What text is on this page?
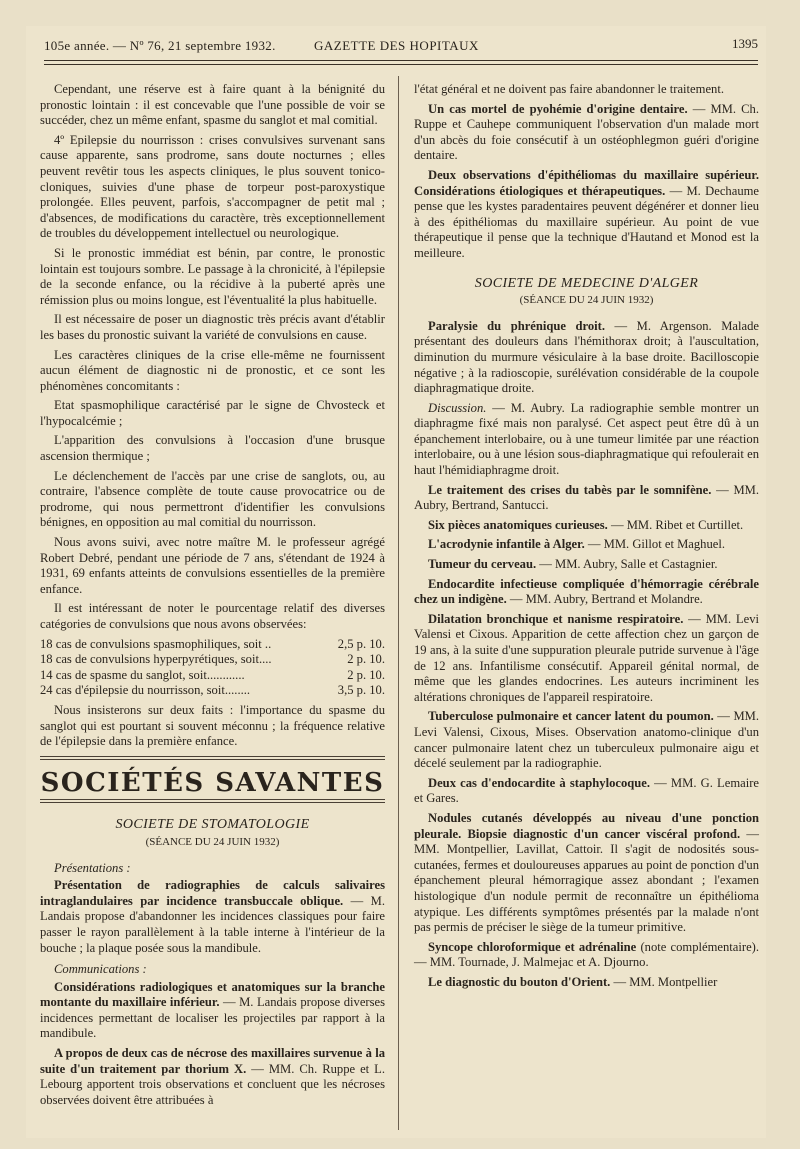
105e année. — Nº 76, 21 septembre 1932.	GAZETTE DES HOPITAUX	1395

Cependant, une réserve est à faire quant à la bénignité du pronostic lointain : il est concevable que l'une possible de voir se succéder, chez un même enfant, spasme du sanglot et mal comitial.

4º Epilepsie du nourrisson : crises convulsives survenant sans cause apparente, sans prodrome, sans doute nocturnes ; elles peuvent revêtir tous les aspects cliniques, le plus souvent tonico-cloniques, suivies d'une phase de torpeur post-paroxystique prolongée. Elles peuvent, parfois, s'accompagner de petit mal ; d'absences, de modifications du caractère, très exceptionnellement de troubles du développement intellectuel ou neurologique.

Si le pronostic immédiat est bénin, par contre, le pronostic lointain est toujours sombre. Le passage à la chronicité, à l'épilepsie de la seconde enfance, ou la récidive à la puberté après une rémission plus ou moins longue, est l'éventualité la plus habituelle.

Il est nécessaire de poser un diagnostic très précis avant d'établir les bases du pronostic suivant la variété de convulsions en cause.

Les caractères cliniques de la crise elle-même ne fournissent aucun élément de diagnostic ni de pronostic, et ce sont les phénomènes concomitants :

Etat spasmophilique caractérisé par le signe de Chvosteck et l'hypocalcémie ;

L'apparition des convulsions à l'occasion d'une brusque ascension thermique ;

Le déclenchement de l'accès par une crise de sanglots, ou, au contraire, l'absence complète de toute cause provocatrice ou de prodrome, qui nous permettront d'identifier les convulsions bénignes, en opposition au mal comitial du nourrisson.

Nous avons suivi, avec notre maître M. le professeur agrégé Robert Debré, pendant une période de 7 ans, s'étendant de 1924 à 1931, 69 enfants atteints de convulsions essentielles de la première enfance.

Il est intéressant de noter le pourcentage relatif des diverses catégories de convulsions que nous avons observées:

18 cas de convulsions spasmophiliques, soit ..	2,5 p. 10.
18 cas de convulsions hyperpyrétiques, soit....	2 p. 10.
14 cas de spasme du sanglot, soit............	2 p. 10.
24 cas d'épilepsie du nourrisson, soit........	3,5 p. 10.

Nous insisterons sur deux faits : l'importance du spasme du sanglot qui est pourtant si souvent méconnu ; la fréquence relative de l'épilepsie dans la première enfance.

SOCIÉTÉS SAVANTES
SOCIETE DE STOMATOLOGIE
(SÉANCE DU 24 JUIN 1932)
Présentations :

Présentation de radiographies de calculs salivaires intraglandulaires par incidence transbuccale oblique. — M. Landais propose d'abandonner les incidences classiques pour faire passer le rayon parallèlement à la table interne à l'intérieur de la bouche ; la plaque posée sous la mandibule.

Communications :

Considérations radiologiques et anatomiques sur la branche montante du maxillaire inférieur. — M. Landais propose diverses incidences permettant de localiser les projectiles par rapport à la mandibule.

A propos de deux cas de nécrose des maxillaires survenue à la suite d'un traitement par thorium X. — MM. Ch. Ruppe et L. Lebourg apportent trois observations et concluent que les nécroses observées doivent être attribuées à

l'état général et ne doivent pas faire abandonner le traitement.

Un cas mortel de pyohémie d'origine dentaire. — MM. Ch. Ruppe et Cauhepe communiquent l'observation d'un malade mort d'un abcès du foie consécutif à un ostéophlegmon guéri d'origine dentaire.

Deux observations d'épithéliomas du maxillaire supérieur. Considérations étiologiques et thérapeutiques. — M. Dechaume pense que les kystes paradentaires peuvent dégénérer et donner lieu à des épithéliomas du maxillaire supérieur. Au point de vue thérapeutique il pense que la technique d'Hautand et Monod est la meilleure.

SOCIETE DE MEDECINE D'ALGER
(SÉANCE DU 24 JUIN 1932)

Paralysie du phrénique droit. — M. Argenson. Malade présentant des douleurs dans l'hémithorax droit; à l'auscultation, diminution du murmure vésiculaire à la base droite. Bacilloscopie négative ; à la radioscopie, surélévation considérable de la coupole diaphragmatique droite.

Discussion. — M. Aubry. La radiographie semble montrer un diaphragme fixé mais non paralysé. Cet aspect peut être dû à un épanchement interlobaire, ou à une tumeur limitée par une réaction interlobaire, ou à une lésion sous-diaphragmatique qui refoulerait en haut l'hémidiaphragme droit.

Le traitement des crises du tabès par le somnifène. — MM. Aubry, Bertrand, Santucci.

Six pièces anatomiques curieuses. — MM. Ribet et Curtillet.

L'acrodynie infantile à Alger. — MM. Gillot et Maghuel.

Tumeur du cerveau. — MM. Aubry, Salle et Castagnier.

Endocardite infectieuse compliquée d'hémorragie cérébrale chez un indigène. — MM. Aubry, Bertrand et Molandre.

Dilatation bronchique et nanisme respiratoire. — MM. Levi Valensi et Cixous. Apparition de cette affection chez un garçon de 19 ans, à la suite d'une suppuration pleurale putride survenue à l'âge de 12 ans. Infantilisme consécutif. Appareil génital normal, de même que les glandes endocrines. Les auteurs incriminent les altérations chroniques de l'appareil respiratoire.

Tuberculose pulmonaire et cancer latent du poumon. — MM. Levi Valensi, Cixous, Mises. Observation anatomo-clinique d'un cancer pulmonaire latent chez un tuberculeux pulmonaire aigu et décelé seulement par la radiographie.

Deux cas d'endocardite à staphylocoque. — MM. G. Lemaire et Gares.

Nodules cutanés développés au niveau d'une ponction pleurale. Biopsie diagnostic d'un cancer viscéral profond. — MM. Montpellier, Lavillat, Cattoir. Il s'agit de nodosités sous-cutanées, fermes et douloureuses apparues au point de ponction d'un épanchement pleural hémorragique assez abondant ; l'examen histologique d'un nodule permit de reconnaître un épithélioma atypique. Les différents symptômes présentés par la malade n'ont pas permis de préciser le siège de la tumeur primitive.

Syncope chloroformique et adrénaline (note complémentaire). — MM. Tournade, J. Malmejac et A. Djourno.

Le diagnostic du bouton d'Orient. — MM. Montpellier
